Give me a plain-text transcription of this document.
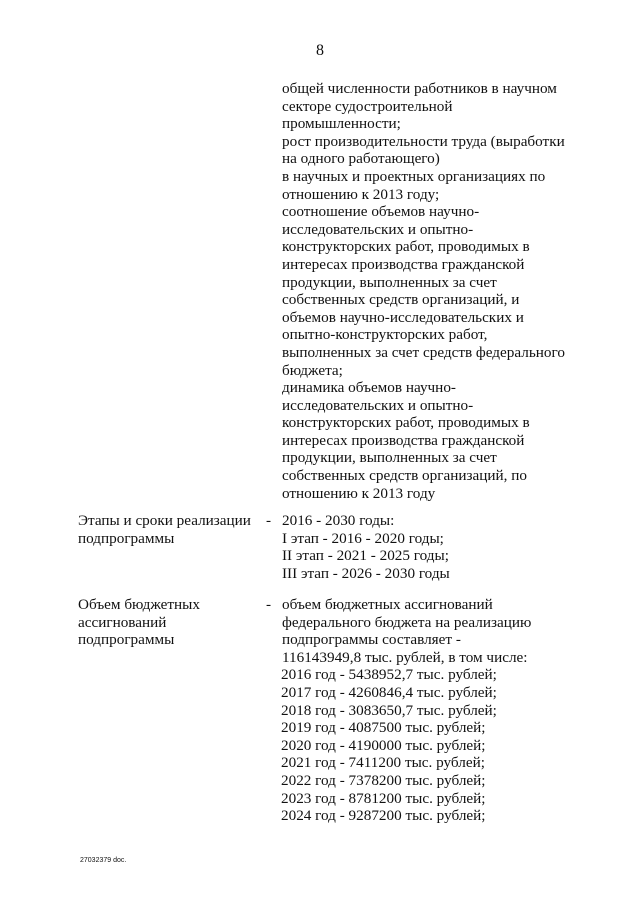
8
общей численности работников в научном
секторе судостроительной
промышленности;
рост производительности труда (выработки
на одного работающего)
в научных и проектных организациях по
отношению к 2013 году;
соотношение объемов научно-
исследовательских и опытно-
конструкторских работ, проводимых в
интересах производства гражданской
продукции, выполненных за счет
собственных средств организаций, и
объемов научно-исследовательских и
опытно-конструкторских работ,
выполненных за счет средств федерального
бюджета;
динамика объемов научно-
исследовательских и опытно-
конструкторских работ, проводимых в
интересах производства гражданской
продукции, выполненных за счет
собственных средств организаций, по
отношению к 2013 году
Этапы и сроки реализации
подпрограммы
- 2016 - 2030 годы:
I этап - 2016 - 2020 годы;
II этап - 2021 - 2025 годы;
III этап - 2026 - 2030 годы
Объем бюджетных
ассигнований
подпрограммы
- объем бюджетных ассигнований
федерального бюджета на реализацию
подпрограммы составляет -
116143949,8 тыс. рублей, в том числе:
2016 год - 5438952,7 тыс. рублей;
2017 год - 4260846,4 тыс. рублей;
2018 год - 3083650,7 тыс. рублей;
2019 год - 4087500 тыс. рублей;
2020 год - 4190000 тыс. рублей;
2021 год - 7411200 тыс. рублей;
2022 год - 7378200 тыс. рублей;
2023 год - 8781200 тыс. рублей;
2024 год - 9287200 тыс. рублей;
27032379 doc.
